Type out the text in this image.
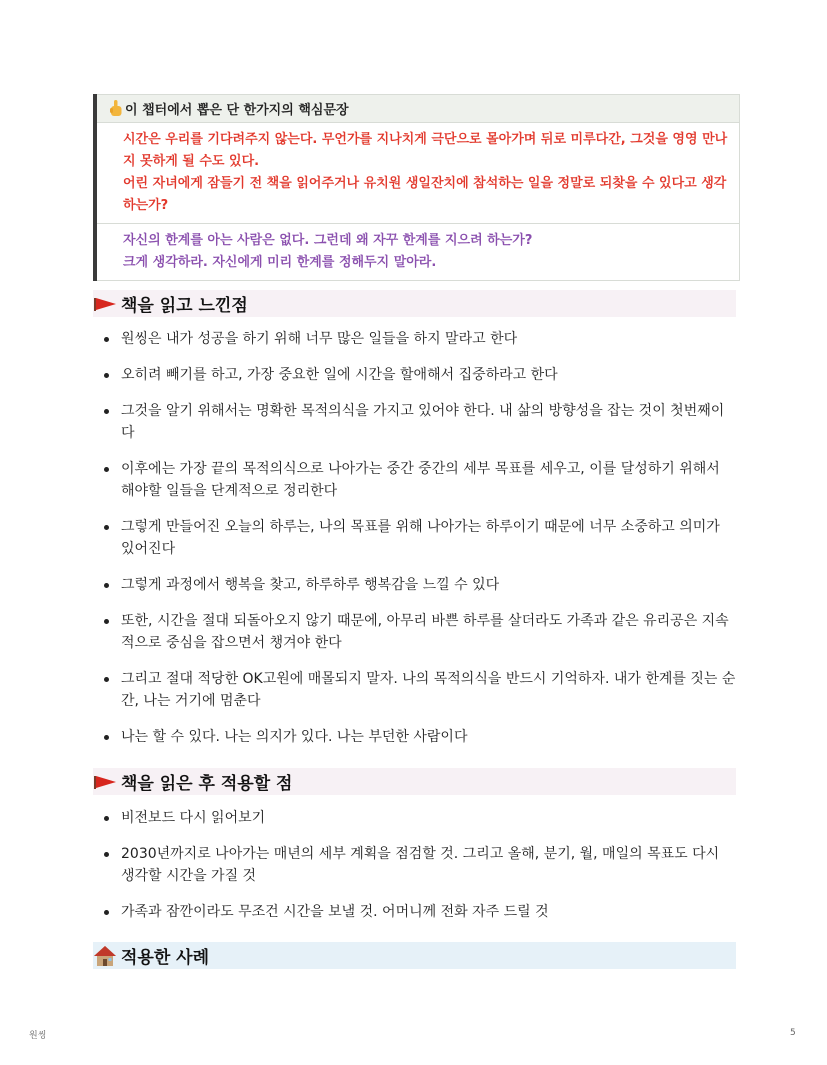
이 챕터에서 뽑은 단 한가지의 핵심문장
시간은 우리를 기다려주지 않는다. 무언가를 지나치게 극단으로 몰아가며 뒤로 미루다간, 그것을 영영 만나지 못하게 될 수도 있다.
어린 자녀에게 잠들기 전 책을 읽어주거나 유치원 생일잔치에 참석하는 일을 정말로 되찾을 수 있다고 생각하는가?
자신의 한계를 아는 사람은 없다. 그런데 왜 자꾸 한계를 지으려 하는가?
크게 생각하라. 자신에게 미리 한계를 정해두지 말아라.
책을 읽고 느낀점
원씽은 내가 성공을 하기 위해 너무 많은 일들을 하지 말라고 한다
오히려 빼기를 하고, 가장 중요한 일에 시간을 할애해서 집중하라고 한다
그것을 알기 위해서는 명확한 목적의식을 가지고 있어야 한다. 내 삶의 방향성을 잡는 것이 첫번째이다
이후에는 가장 끝의 목적의식으로 나아가는 중간 중간의 세부 목표를 세우고, 이를 달성하기 위해서 해야할 일들을 단계적으로 정리한다
그렇게 만들어진 오늘의 하루는, 나의 목표를 위해 나아가는 하루이기 때문에 너무 소중하고 의미가 있어진다
그렇게 과정에서 행복을 찾고, 하루하루 행복감을 느낄 수 있다
또한, 시간을 절대 되돌아오지 않기 때문에, 아무리 바쁜 하루를 살더라도 가족과 같은 유리공은 지속적으로 중심을 잡으면서 챙겨야 한다
그리고 절대 적당한 OK고원에 매몰되지 말자. 나의 목적의식을 반드시 기억하자. 내가 한계를 짓는 순간, 나는 거기에 멈춘다
나는 할 수 있다. 나는 의지가 있다. 나는 부던한 사람이다
책을 읽은 후 적용할 점
비전보드 다시 읽어보기
2030년까지로 나아가는 매년의 세부 계획을 점검할 것. 그리고 올해, 분기, 월, 매일의 목표도 다시 생각할 시간을 가질 것
가족과 잠깐이라도 무조건 시간을 보낼 것. 어머니께 전화 자주 드릴 것
적용한 사례
원씽	5
